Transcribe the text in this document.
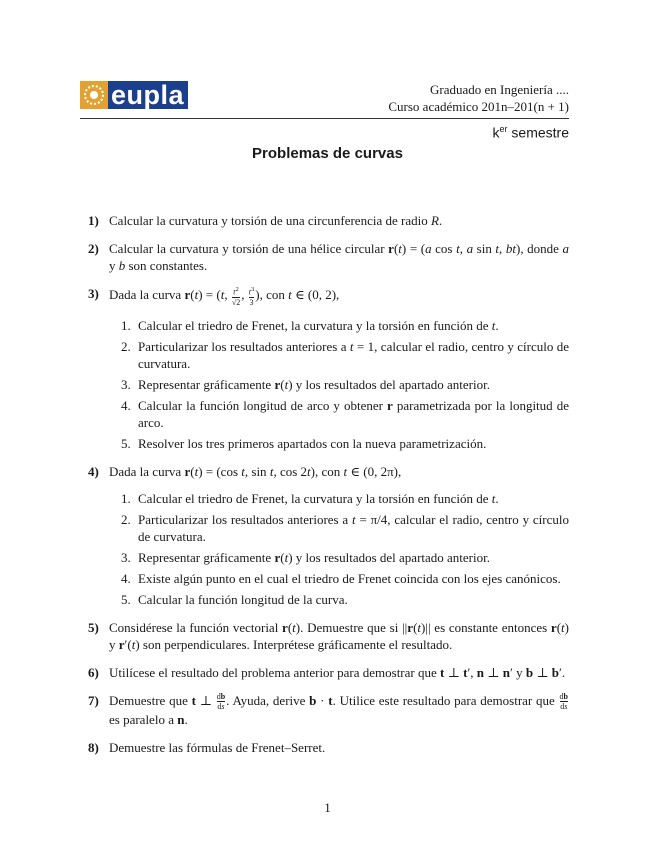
eupla	Graduado en Ingeniería ....
Curso académico 201n–201(n + 1)
$k^{er}$ semestre
Problemas de curvas
1) Calcular la curvatura y torsión de una circunferencia de radio R.
2) Calcular la curvatura y torsión de una hélice circular r(t) = (a cos t, a sin t, bt), donde a y b son constantes.
3) Dada la curva r(t) = (t, $\frac{t^2}{√2}$ , $\frac{t^3}{3}$ ), con t ∈ (0, 2),
1. Calcular el triedro de Frenet, la curvatura y la torsión en función de t.
2. Particularizar los resultados anteriores a t = 1, calcular el radio, centro y círculo de curvatura.
3. Representar gráficamente r(t) y los resultados del apartado anterior.
4. Calcular la función longitud de arco y obtener r parametrizada por la longitud de arco.
5. Resolver los tres primeros apartados con la nueva parametrización.
4) Dada la curva r(t) = (cos t, sin t, cos 2t), con t ∈ (0, 2π),
1. Calcular el triedro de Frenet, la curvatura y la torsión en función de t.
2. Particularizar los resultados anteriores a t = π/4, calcular el radio, centro y círculo de curvatura.
3. Representar gráficamente r(t) y los resultados del apartado anterior.
4. Existe algún punto en el cual el triedro de Frenet coincida con los ejes canónicos.
5. Calcular la función longitud de la curva.
5) Considérese la función vectorial r(t). Demuestre que si ||r(t)|| es constante entonces r(t) y r′(t) son perpendiculares. Interprétese gráficamente el resultado.
6) Utilícese el resultado del problema anterior para demostrar que t ⊥ t′, n ⊥ n′ y b ⊥ b′.
7) Demuestre que t ⊥ $\frac{db}{ds}$ . Ayuda, derive b · t. Utilice este resultado para demostrar que $\frac{db}{ds}$
es paralelo a n.
8) Demuestre las fórmulas de Frenet–Serret.
1
